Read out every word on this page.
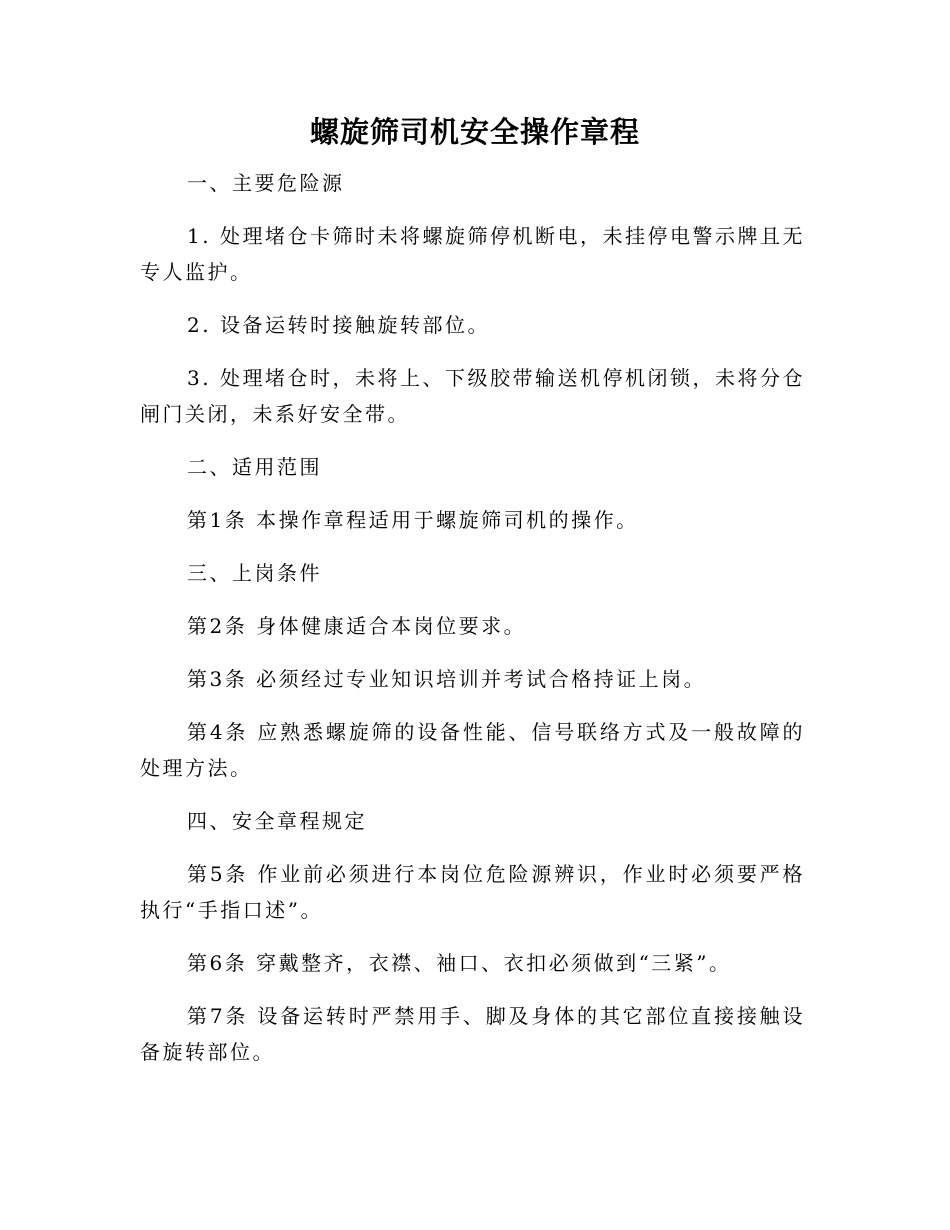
螺旋筛司机安全操作章程

一、主要危险源

1. 处理堵仓卡筛时未将螺旋筛停机断电，未挂停电警示牌且无专人监护。

2. 设备运转时接触旋转部位。

3. 处理堵仓时，未将上、下级胶带输送机停机闭锁，未将分仓闸门关闭，未系好安全带。

二、适用范围

第1条 本操作章程适用于螺旋筛司机的操作。

三、上岗条件

第2条 身体健康适合本岗位要求。

第3条 必须经过专业知识培训并考试合格持证上岗。

第4条 应熟悉螺旋筛的设备性能、信号联络方式及一般故障的处理方法。

四、安全章程规定

第5条 作业前必须进行本岗位危险源辨识，作业时必须要严格执行“手指口述”。

第6条 穿戴整齐，衣襟、袖口、衣扣必须做到“三紧”。

第7条 设备运转时严禁用手、脚及身体的其它部位直接接触设备旋转部位。
